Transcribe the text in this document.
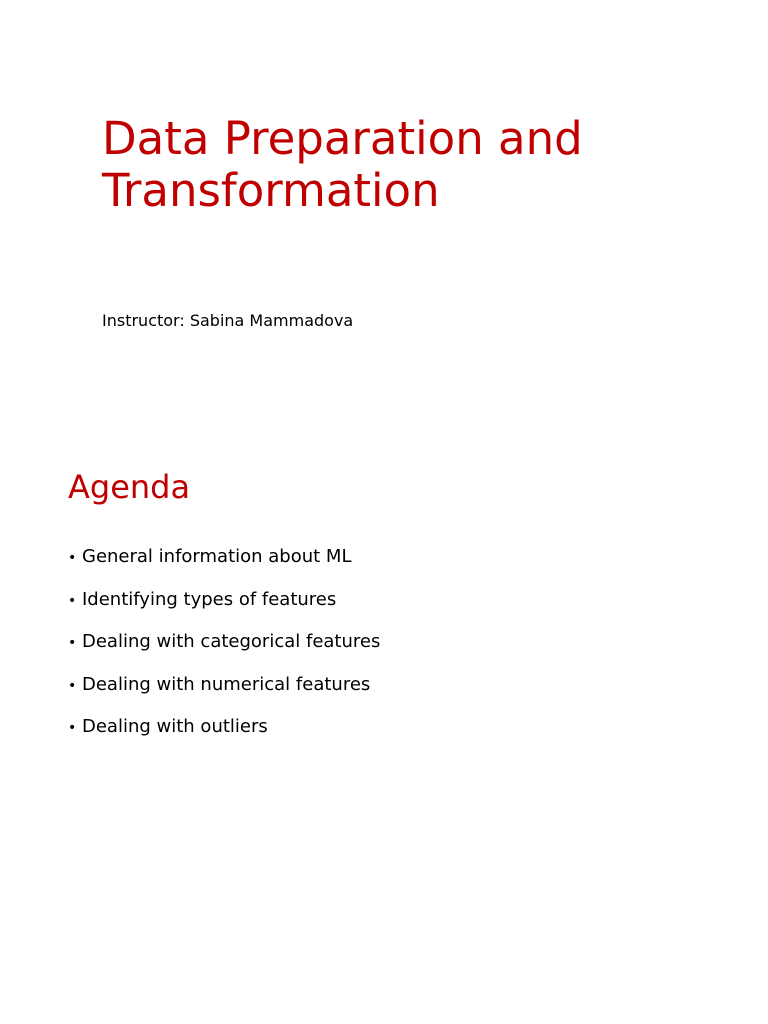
Data Preparation and Transformation

Instructor: Sabina Mammadova

Agenda
• General information about ML
• Identifying types of features
• Dealing with categorical features
• Dealing with numerical features
• Dealing with outliers
